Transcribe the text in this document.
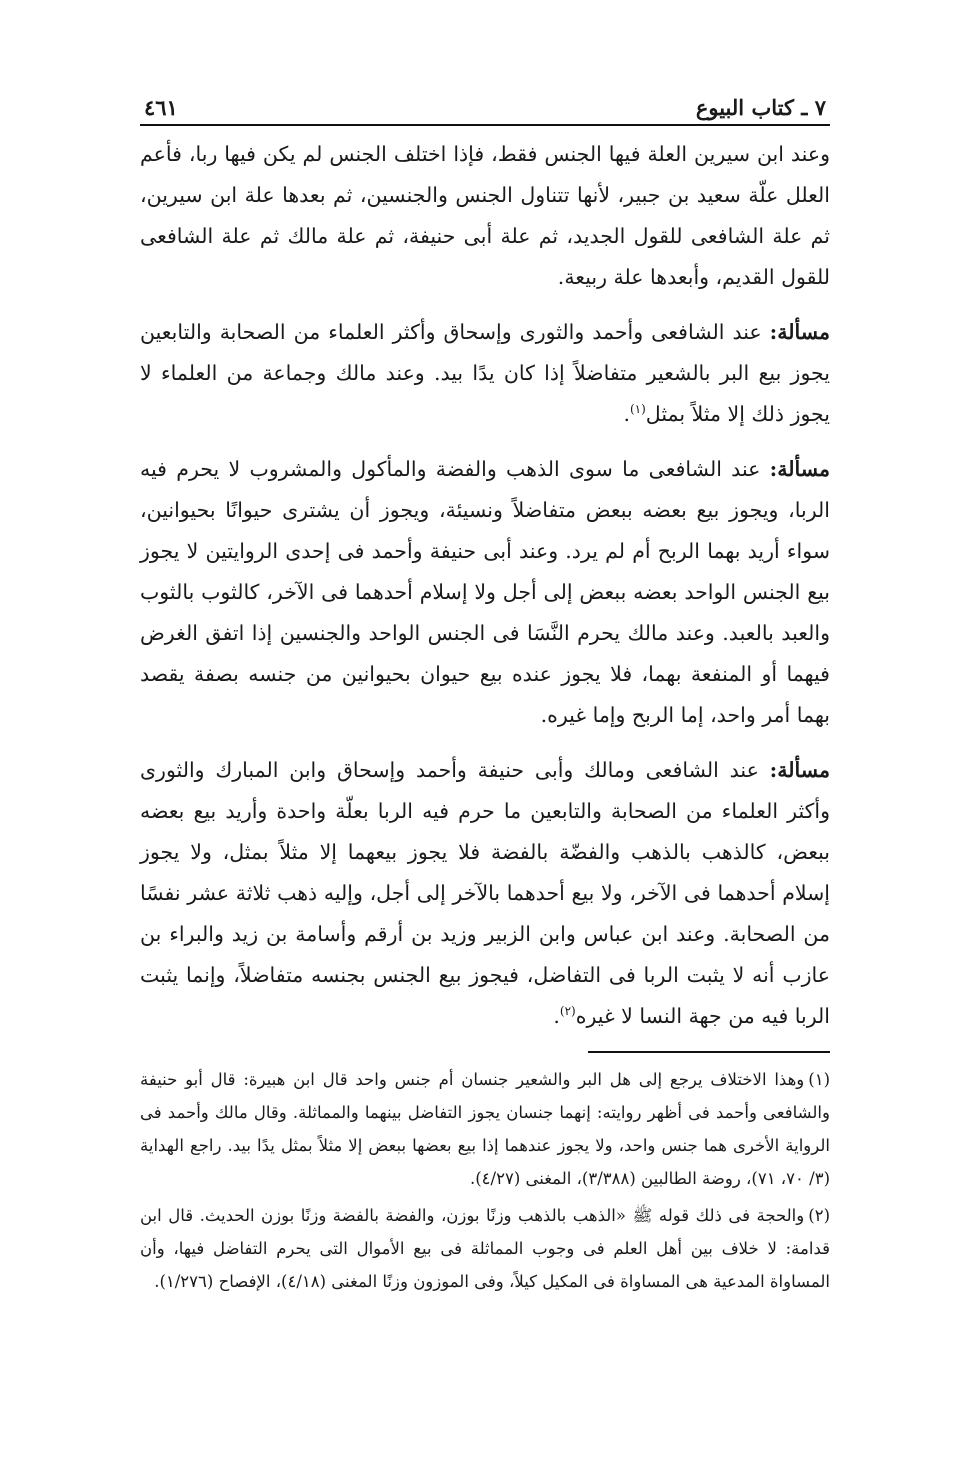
٧ ـ كتاب البيوع
٤٦١

وعند ابن سيرين العلة فيها الجنس فقط، فإذا اختلف الجنس لم يكن فيها ربا، فأعم العلل علّة سعيد بن جبير، لأنها تتناول الجنس والجنسين، ثم بعدها علة ابن سيرين، ثم علة الشافعى للقول الجديد، ثم علة أبى حنيفة، ثم علة مالك ثم علة الشافعى للقول القديم، وأبعدها علة ربيعة.

مسألة: عند الشافعى وأحمد والثورى وإسحاق وأكثر العلماء من الصحابة والتابعين يجوز بيع البر بالشعير متفاضلاً إذا كان يدًا بيد. وعند مالك وجماعة من العلماء لا يجوز ذلك إلا مثلاً بمثل$^{(١)}$.

مسألة: عند الشافعى ما سوى الذهب والفضة والمأكول والمشروب لا يحرم فيه الربا، ويجوز بيع بعضه ببعض متفاضلاً ونسيئة، ويجوز أن يشترى حيوانًا بحيوانين، سواء أريد بهما الربح أم لم يرد. وعند أبى حنيفة وأحمد فى إحدى الروايتين لا يجوز بيع الجنس الواحد بعضه ببعض إلى أجل ولا إسلام أحدهما فى الآخر، كالثوب بالثوب والعبد بالعبد. وعند مالك يحرم النَّسَا فى الجنس الواحد والجنسين إذا اتفق الغرض فيهما أو المنفعة بهما، فلا يجوز عنده بيع حيوان بحيوانين من جنسه بصفة يقصد بهما أمر واحد، إما الربح وإما غيره.

مسألة: عند الشافعى ومالك وأبى حنيفة وأحمد وإسحاق وابن المبارك والثورى وأكثر العلماء من الصحابة والتابعين ما حرم فيه الربا بعلّة واحدة وأريد بيع بعضه ببعض، كالذهب بالذهب والفضّة بالفضة فلا يجوز بيعهما إلا مثلاً بمثل، ولا يجوز إسلام أحدهما فى الآخر، ولا بيع أحدهما بالآخر إلى أجل، وإليه ذهب ثلاثة عشر نفسًا من الصحابة. وعند ابن عباس وابن الزبير وزيد بن أرقم وأسامة بن زيد والبراء بن عازب أنه لا يثبت الربا فى التفاضل، فيجوز بيع الجنس بجنسه متفاضلاً، وإنما يثبت الربا فيه من جهة النسا لا غيره$^{(٢)}$.

(١)وهذا الاختلاف يرجع إلى هل البر والشعير جنسان أم جنس واحد قال ابن هبيرة: قال أبو حنيفة والشافعى وأحمد فى أظهر روايته: إنهما جنسان يجوز التفاضل بينهما والمماثلة. وقال مالك وأحمد فى الرواية الأخرى هما جنس واحد، ولا يجوز عندهما إذا بيع بعضها ببعض إلا مثلاً بمثل يدًا بيد. راجع الهداية (٣/ ٧٠، ٧١)، روضة الطالبين (٣/٣٨٨)، المغنى (٤/٢٧).

(٢)والحجة فى ذلك قوله ﷺ «الذهب بالذهب وزنًا بوزن، والفضة بالفضة وزنًا بوزن الحديث. قال ابن قدامة: لا خلاف بين أهل العلم فى وجوب المماثلة فى بيع الأموال التى يحرم التفاضل فيها، وأن المساواة المدعية هى المساواة فى المكيل كيلاً، وفى الموزون وزنًا المغنى (٤/١٨)، الإفصاح (١/٢٧٦).
